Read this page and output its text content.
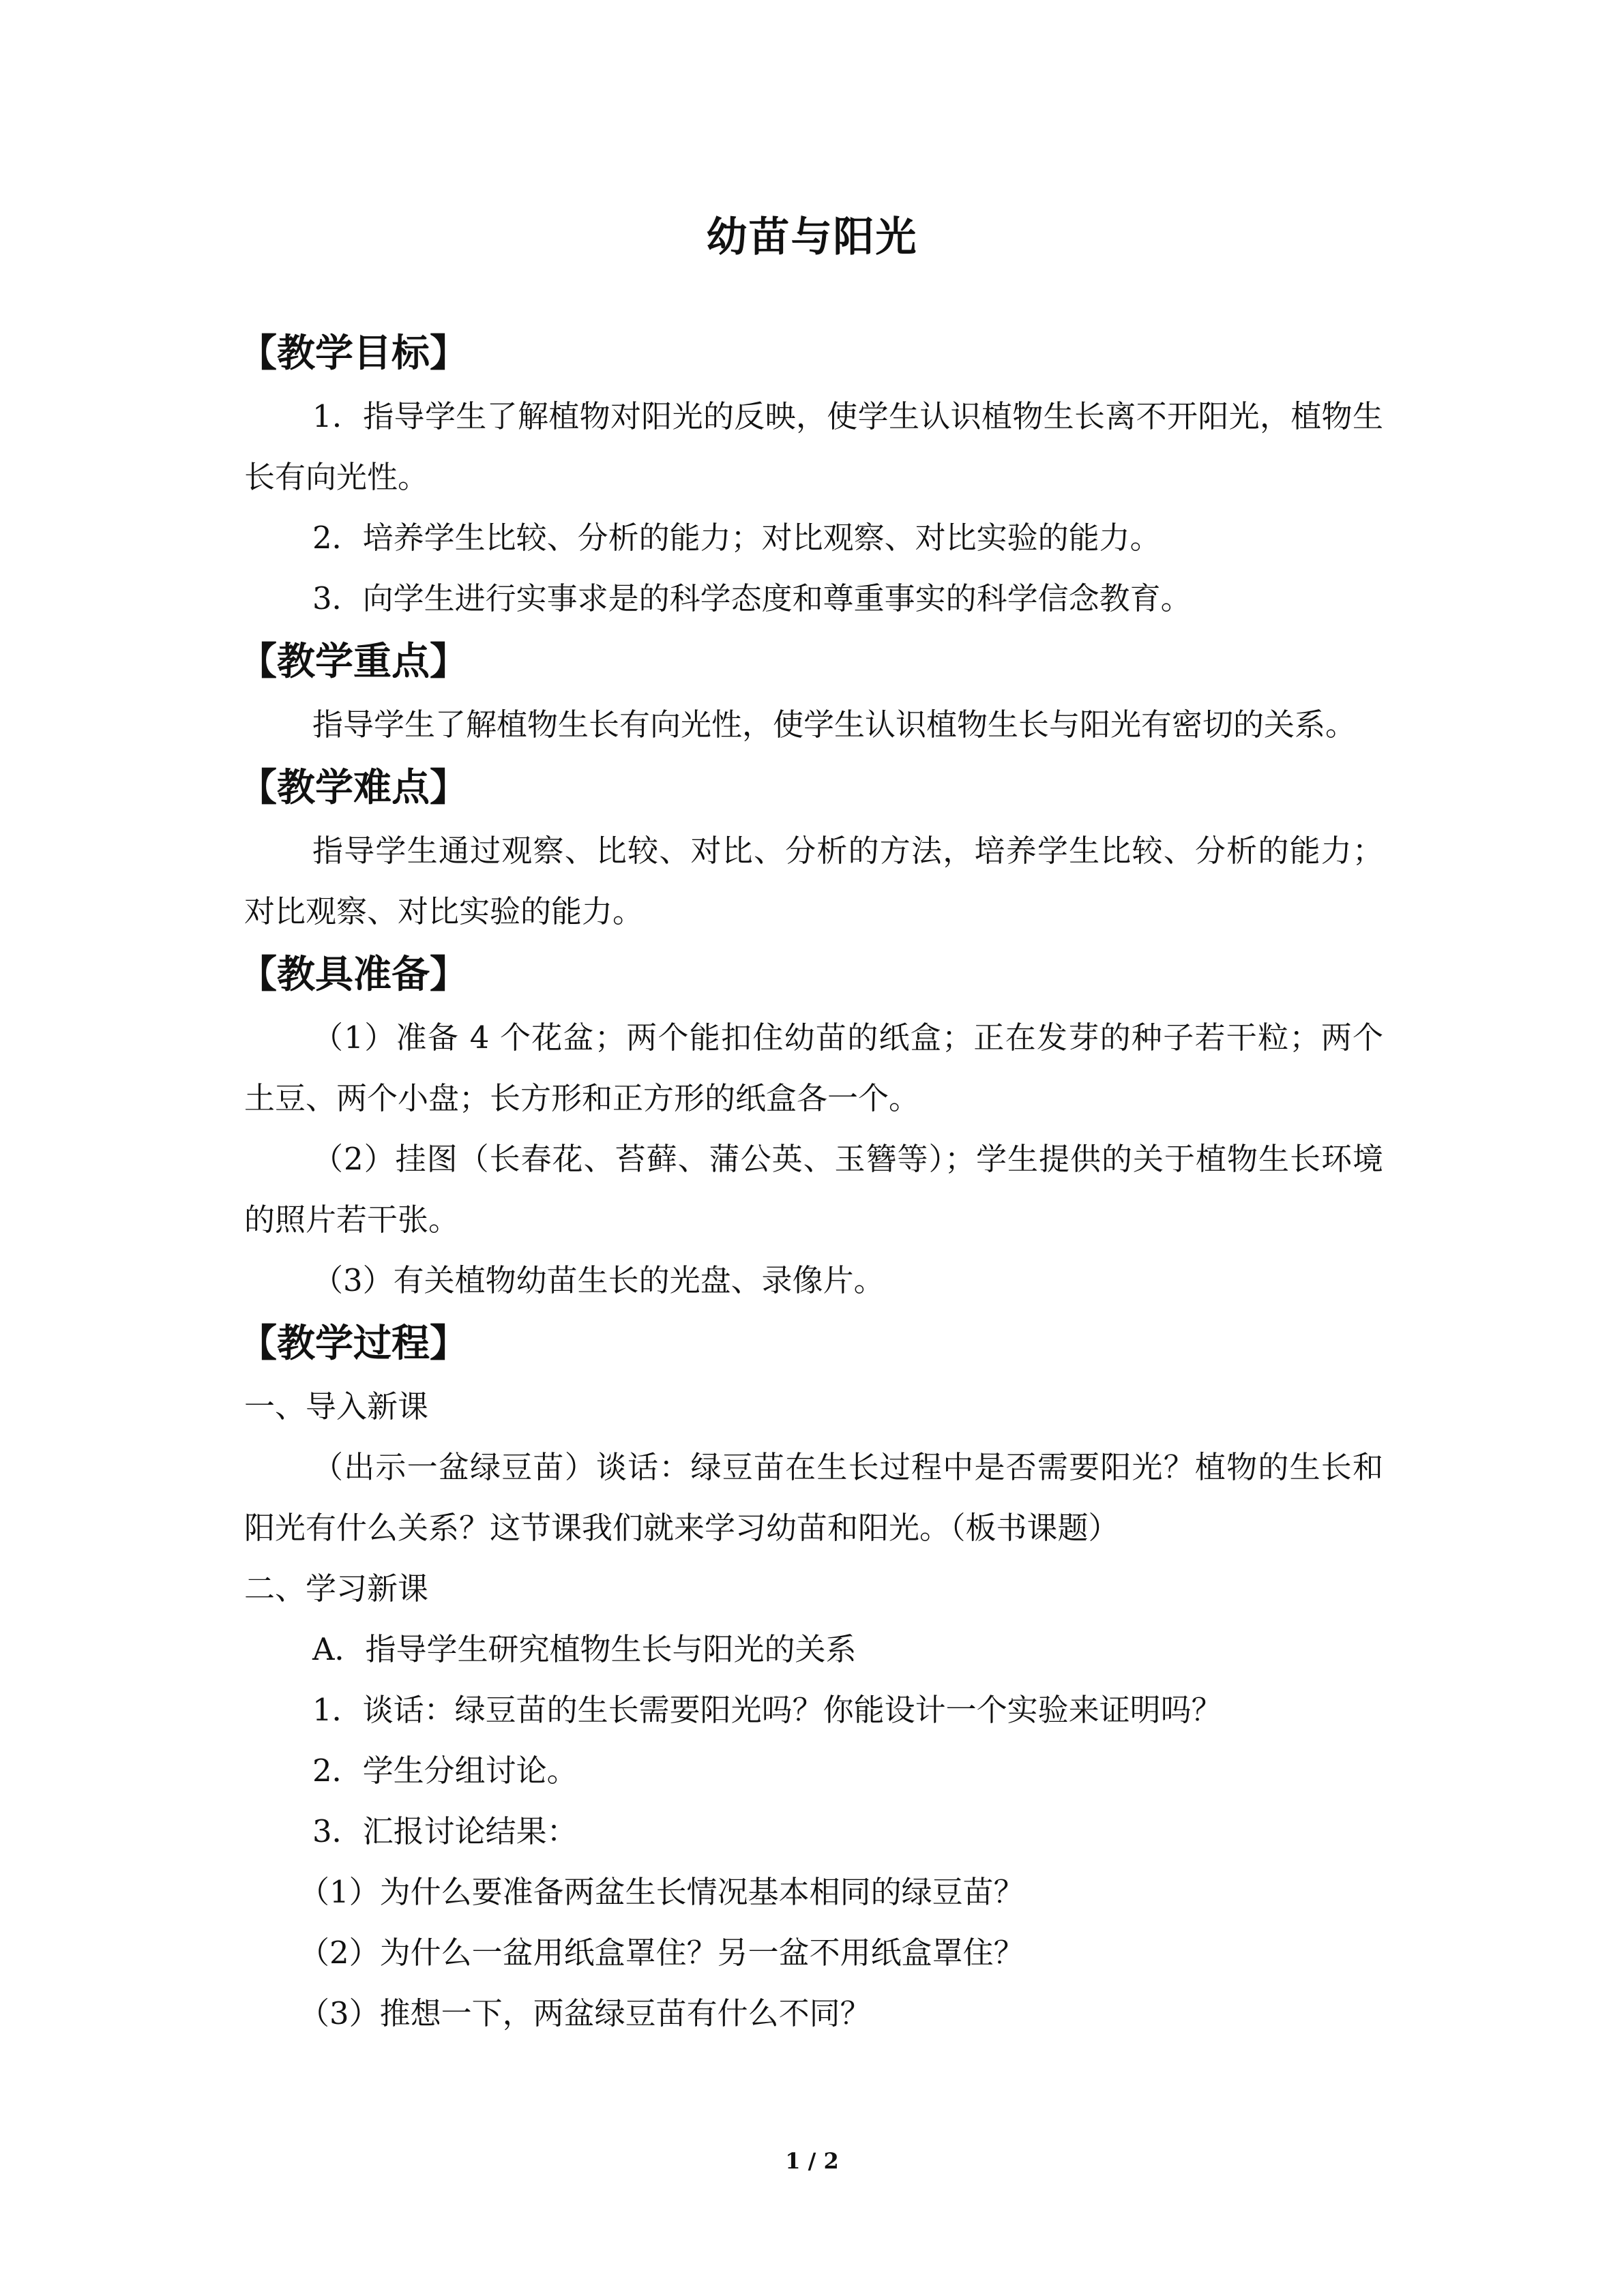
幼苗与阳光

【教学目标】

1．指导学生了解植物对阳光的反映，使学生认识植物生长离不开阳光，植物生长有向光性。

2．培养学生比较、分析的能力；对比观察、对比实验的能力。

3．向学生进行实事求是的科学态度和尊重事实的科学信念教育。

【教学重点】

指导学生了解植物生长有向光性，使学生认识植物生长与阳光有密切的关系。

【教学难点】

指导学生通过观察、比较、对比、分析的方法，培养学生比较、分析的能力；对比观察、对比实验的能力。

【教具准备】

（1）准备 4 个花盆；两个能扣住幼苗的纸盒；正在发芽的种子若干粒；两个土豆、两个小盘；长方形和正方形的纸盒各一个。

（2）挂图（长春花、苔藓、蒲公英、玉簪等）；学生提供的关于植物生长环境的照片若干张。

（3）有关植物幼苗生长的光盘、录像片。

【教学过程】

一、导入新课

（出示一盆绿豆苗）谈话：绿豆苗在生长过程中是否需要阳光？植物的生长和阳光有什么关系？这节课我们就来学习幼苗和阳光。（板书课题）

二、学习新课

A．指导学生研究植物生长与阳光的关系

1．谈话：绿豆苗的生长需要阳光吗？你能设计一个实验来证明吗？

2．学生分组讨论。

3．汇报讨论结果：

（1）为什么要准备两盆生长情况基本相同的绿豆苗？

（2）为什么一盆用纸盒罩住？另一盆不用纸盒罩住？

（3）推想一下，两盆绿豆苗有什么不同？

1 / 2
